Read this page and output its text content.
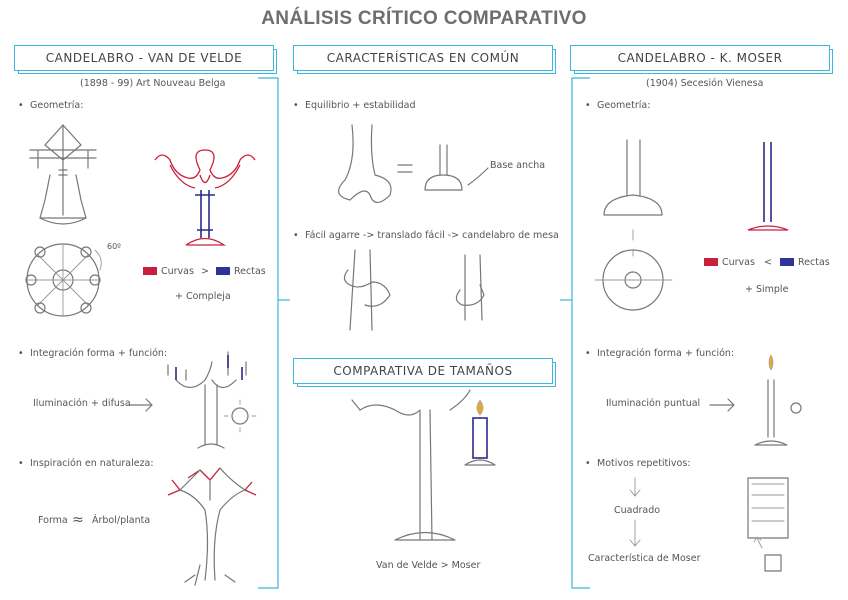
ANÁLISIS CRÍTICO COMPARATIVO
CANDELABRO - VAN DE VELDE	CARACTERÍSTICAS EN COMÚN	CANDELABRO - K. MOSER
COMPARATIVA DE TAMAÑOS
(1898 - 99) Art Nouveau Belga
• Geometría:
60º
Curvas >	Rectas
+ Compleja
• Integración forma + función:
Iluminación + difusa
• Inspiración en naturaleza:
Forma ≈ Árbol/planta
• Equilibrio + estabilidad
Base ancha
• Fácil agarre -> translado fácil -> candelabro de mesa
Van de Velde > Moser
(1904) Secesión Vienesa
• Geometría:
Curvas <	Rectas
+ Simple
• Integración forma + función:
Iluminación puntual
• Motivos repetitivos:
Cuadrado
Característica de Moser
